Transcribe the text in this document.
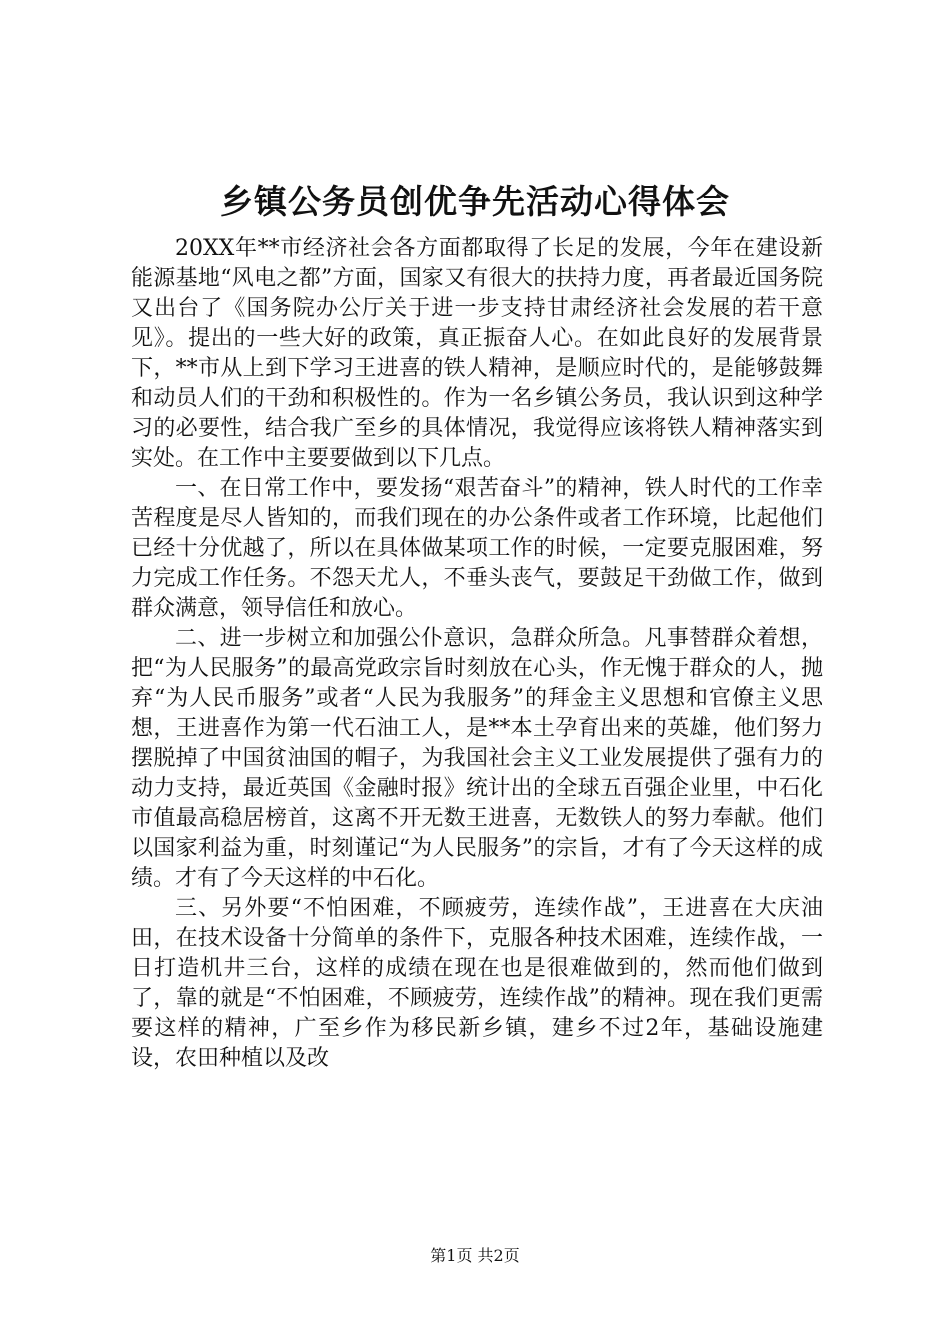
乡镇公务员创优争先活动心得体会

20XX年**市经济社会各方面都取得了长足的发展，今年在建设新能源基地“风电之都”方面，国家又有很大的扶持力度，再者最近国务院又出台了《国务院办公厅关于进一步支持甘肃经济社会发展的若干意见》。提出的一些大好的政策，真正振奋人心。在如此良好的发展背景下，**市从上到下学习王进喜的铁人精神，是顺应时代的，是能够鼓舞和动员人们的干劲和积极性的。作为一名乡镇公务员，我认识到这种学习的必要性，结合我广至乡的具体情况，我觉得应该将铁人精神落实到实处。在工作中主要要做到以下几点。

一、在日常工作中，要发扬“艰苦奋斗”的精神，铁人时代的工作幸苦程度是尽人皆知的，而我们现在的办公条件或者工作环境，比起他们已经十分优越了，所以在具体做某项工作的时候，一定要克服困难，努力完成工作任务。不怨天尤人，不垂头丧气，要鼓足干劲做工作，做到群众满意，领导信任和放心。

二、进一步树立和加强公仆意识，急群众所急。凡事替群众着想，把“为人民服务”的最高党政宗旨时刻放在心头，作无愧于群众的人，抛弃“为人民币服务”或者“人民为我服务”的拜金主义思想和官僚主义思想，王进喜作为第一代石油工人，是**本土孕育出来的英雄，他们努力摆脱掉了中国贫油国的帽子，为我国社会主义工业发展提供了强有力的动力支持，最近英国《金融时报》统计出的全球五百强企业里，中石化市值最高稳居榜首，这离不开无数王进喜，无数铁人的努力奉献。他们以国家利益为重，时刻谨记“为人民服务”的宗旨，才有了今天这样的成绩。才有了今天这样的中石化。

三、另外要“不怕困难，不顾疲劳，连续作战”，王进喜在大庆油田，在技术设备十分简单的条件下，克服各种技术困难，连续作战，一日打造机井三台，这样的成绩在现在也是很难做到的，然而他们做到了，靠的就是“不怕困难，不顾疲劳，连续作战”的精神。现在我们更需要这样的精神，广至乡作为移民新乡镇，建乡不过2年，基础设施建设，农田种植以及改

第1页 共2页
